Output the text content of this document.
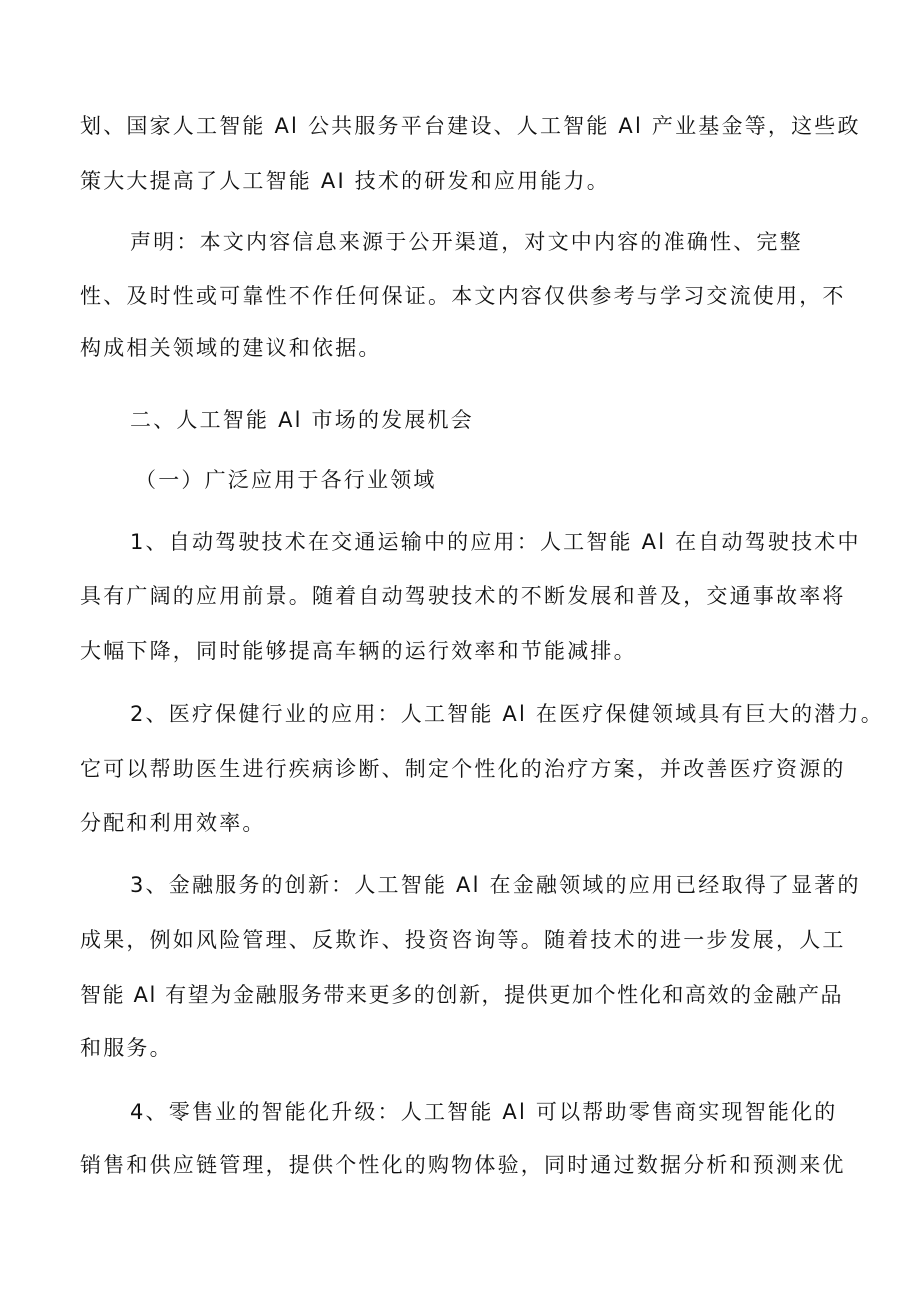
划、国家人工智能 Al 公共服务平台建设、人工智能 Al 产业基金等，这些政
策大大提高了人工智能 AI 技术的研发和应用能力。
声明：本文内容信息来源于公开渠道，对文中内容的准确性、完整
性、及时性或可靠性不作任何保证。本文内容仅供参考与学习交流使用，不
构成相关领域的建议和依据。
二、人工智能 Al 市场的发展机会
（一）广泛应用于各行业领域
1、自动驾驶技术在交通运输中的应用：人工智能 Al 在自动驾驶技术中
具有广阔的应用前景。随着自动驾驶技术的不断发展和普及，交通事故率将
大幅下降，同时能够提高车辆的运行效率和节能减排。
2、医疗保健行业的应用：人工智能 Al 在医疗保健领域具有巨大的潜力。
它可以帮助医生进行疾病诊断、制定个性化的治疗方案，并改善医疗资源的
分配和利用效率。
3、金融服务的创新：人工智能 Al 在金融领域的应用已经取得了显著的
成果，例如风险管理、反欺诈、投资咨询等。随着技术的进一步发展，人工
智能 Al 有望为金融服务带来更多的创新，提供更加个性化和高效的金融产品
和服务。
4、零售业的智能化升级：人工智能 Al 可以帮助零售商实现智能化的
销售和供应链管理，提供个性化的购物体验，同时通过数据分析和预测来优
